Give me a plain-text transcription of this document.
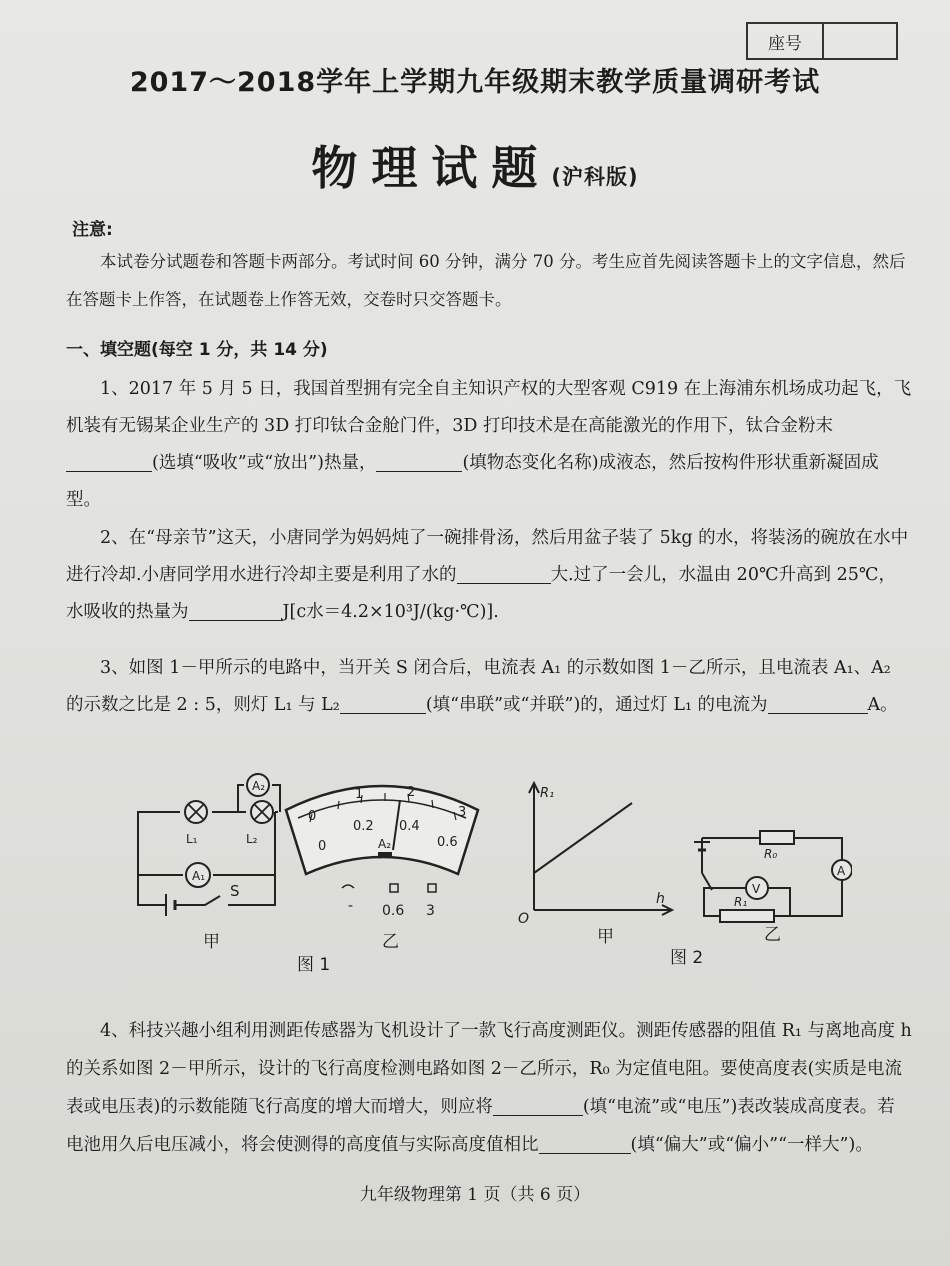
座号
2017～2018学年上学期九年级期末教学质量调研考试
物理试题(沪科版)
注意:
本试卷分试题卷和答题卡两部分。考试时间 60 分钟，满分 70 分。考生应首先阅读答题卡上的文字信息，然后在答题卡上作答，在试题卷上作答无效，交卷时只交答题卡。
一、填空题(每空 1 分，共 14 分)
1、2017 年 5 月 5 日，我国首型拥有完全自主知识产权的大型客观 C919 在上海浦东机场成功起飞，飞机装有无锡某企业生产的 3D 打印钛合金舱门件，3D 打印技术是在高能激光的作用下，钛合金粉末(选填“吸收”或“放出”)热量，	(填物态变化名称)成液态，然后按构件形状重新凝固成型。
2、在“母亲节”这天，小唐同学为妈妈炖了一碗排骨汤，然后用盆子装了 5kg 的水，将装汤的碗放在水中进行冷却.小唐同学用水进行冷却主要是利用了水的	大.过了一会儿，水温由 20℃升高到 25℃，水吸收的热量为	J[c水＝4.2×10³J/(kg·℃)].
3、如图 1－甲所示的电路中，当开关 S 闭合后，电流表 A₁ 的示数如图 1－乙所示，且电流表 A₁、A₂ 的示数之比是 2 : 5，则灯 L₁ 与 L₂	(填“串联”或“并联”)的，通过灯 L₁ 的电流为	A。
A₂
L₁	L₂
A₁
S
甲
0
1	2
3
0
0.2 0.4
0.6
A₂
- 0.6 3
乙
图 1
R₁
h
O
甲
R₀
A
V
R₁
乙
图 2
4、科技兴趣小组利用测距传感器为飞机设计了一款飞行高度测距仪。测距传感器的阻值 R₁ 与离地高度 h 的关系如图 2－甲所示，设计的飞行高度检测电路如图 2－乙所示，R₀ 为定值电阻。要使高度表(实质是电流表或电压表)的示数能随飞行高度的增大而增大，则应将	(填“电流”或“电压”)表改装成高度表。若电池用久后电压减小，将会使测得的高度值与实际高度值相比	(填“偏大”或“偏小”“一样大”)。
九年级物理第 1 页（共 6 页）
